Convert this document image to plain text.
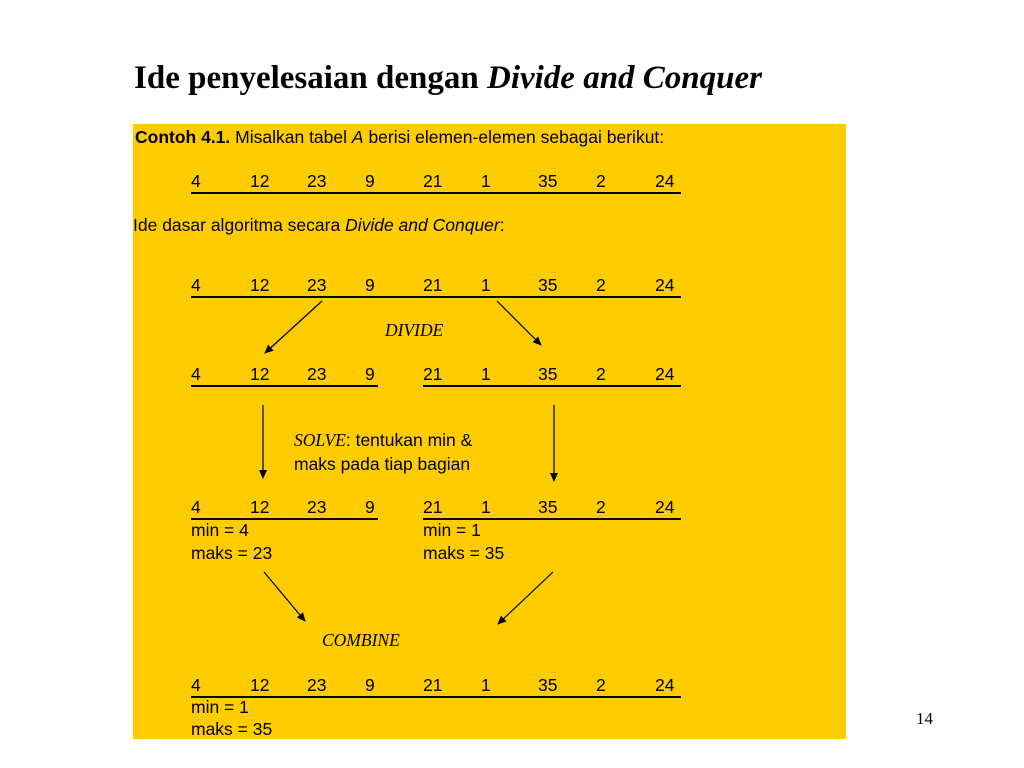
Ide penyelesaian dengan Divide and Conquer
Contoh 4.1. Misalkan tabel A berisi elemen-elemen sebagai berikut:
4	12 23 9	21 1	35 2	24
Ide dasar algoritma secara Divide and Conquer:
4	12 23 9	21 1	35 2	24
DIVIDE
4	12 23 9	21 1	35 2	24
SOLVE: tentukan min &
maks pada tiap bagian
4	12 23 9	21 1	35 2	24
min = 4
maks = 23
min = 1
maks = 35
COMBINE
4	12 23 9	21 1	35 2	24
min = 1
maks = 35
14
